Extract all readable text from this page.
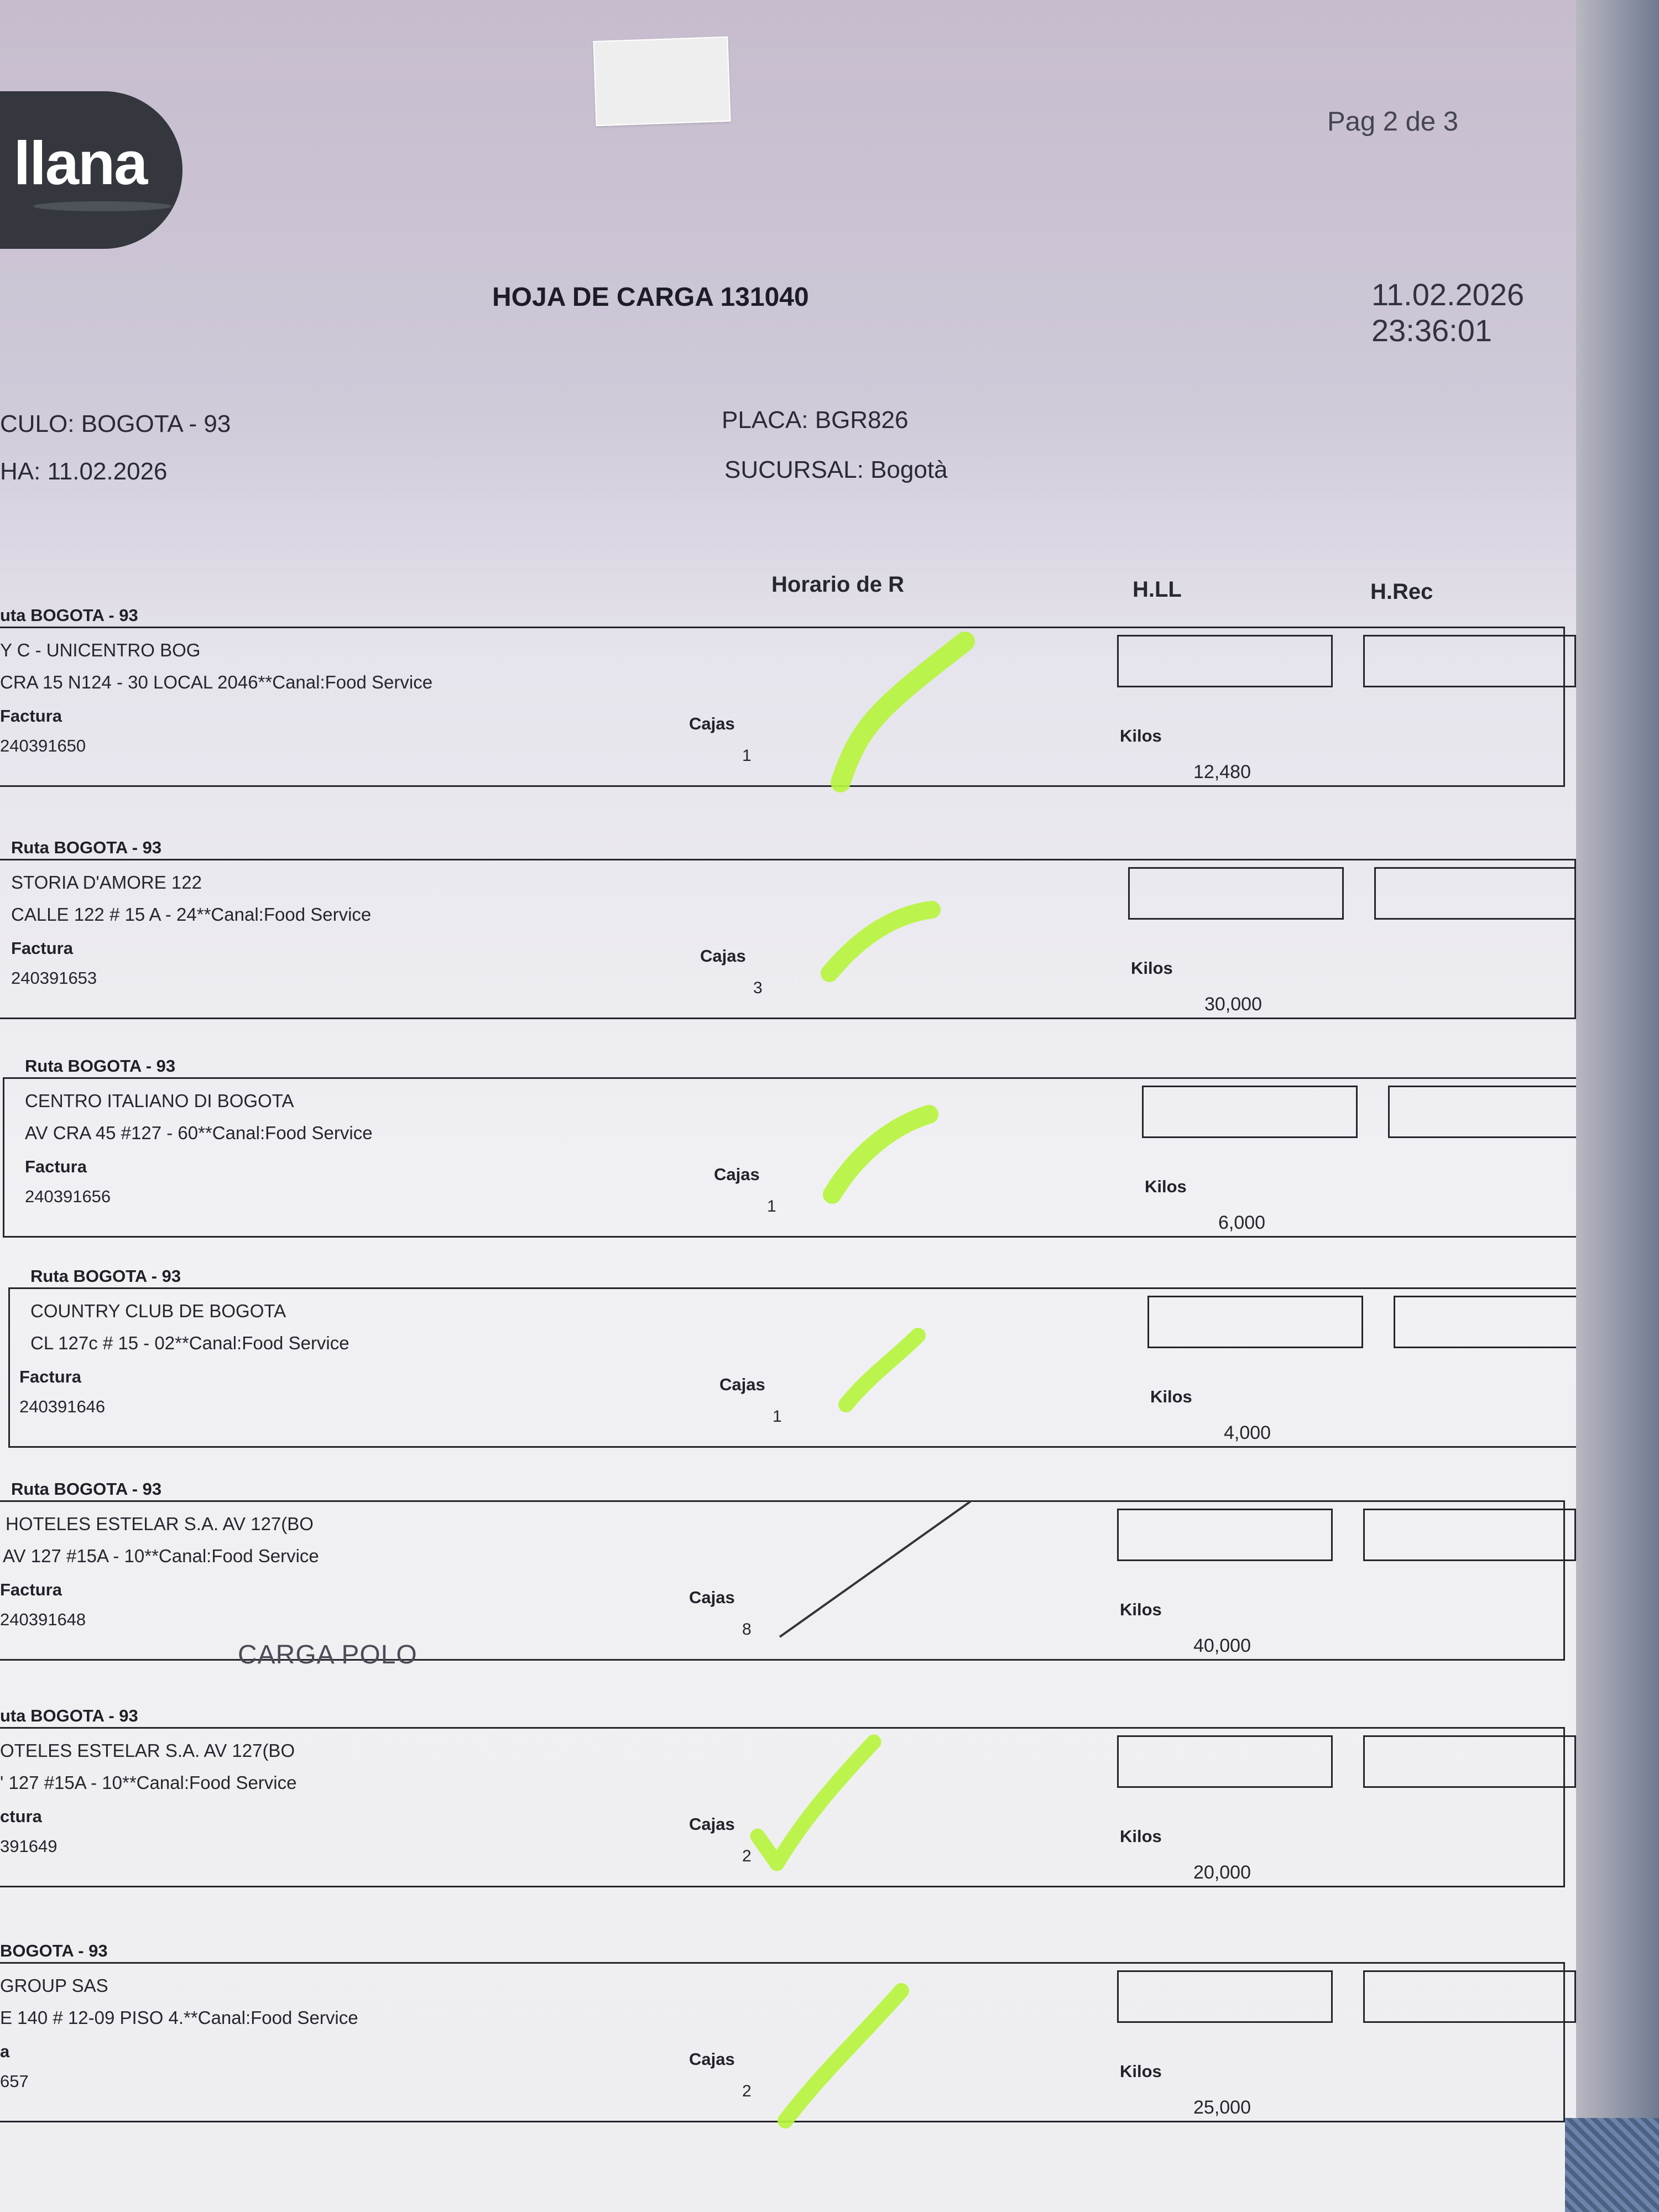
llana
Pag 2 de 3
HOJA DE CARGA 131040	11.02.2026 23:36:01
CULO: BOGOTA - 93
HA: 11.02.2026
PLACA: BGR826
SUCURSAL: Bogotà
Horario de R	H.LL	H.Rec
uta BOGOTA - 93
Y C - UNICENTRO BOG
CRA 15 N124 - 30 LOCAL 2046**Canal:Food Service
Factura
240391650
Cajas
1
Kilos
12,480
Ruta BOGOTA - 93
STORIA D'AMORE 122
CALLE 122 # 15 A - 24**Canal:Food Service
Factura
240391653
Cajas
3
Kilos
30,000
Ruta BOGOTA - 93
CENTRO ITALIANO DI BOGOTA
AV CRA 45 #127 - 60**Canal:Food Service
Factura
240391656
Cajas
1
Kilos
6,000
Ruta BOGOTA - 93
COUNTRY CLUB DE BOGOTA
CL 127c # 15 - 02**Canal:Food Service
Factura
240391646
Cajas
1
Kilos
4,000
Ruta BOGOTA - 93
HOTELES ESTELAR S.A. AV 127(BO
AV 127 #15A - 10**Canal:Food Service
Factura
240391648
CARGA POLO
Cajas
8
Kilos
40,000
uta BOGOTA - 93
OTELES ESTELAR S.A. AV 127(BO
' 127 #15A - 10**Canal:Food Service
ctura
391649
Cajas
2
Kilos
20,000
BOGOTA - 93
GROUP SAS
E 140 # 12-09 PISO 4.**Canal:Food Service
a
657
Cajas
2
Kilos
25,000
